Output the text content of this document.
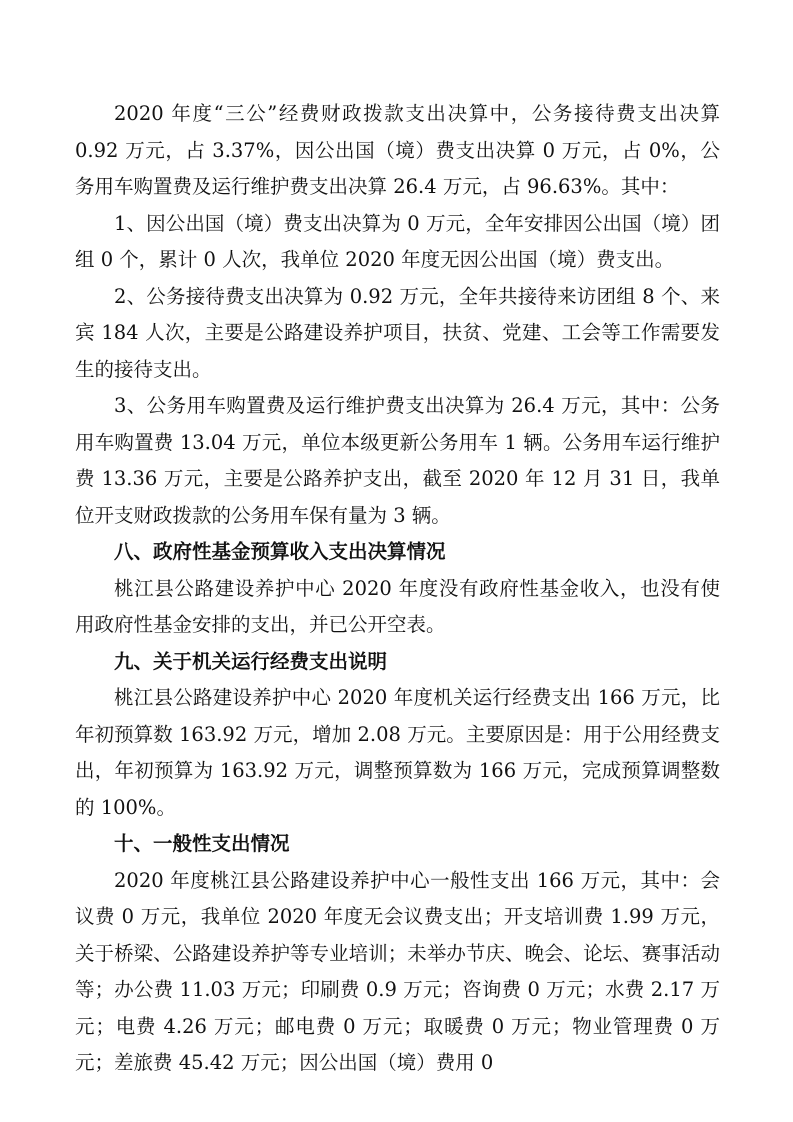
2020 年度“三公”经费财政拨款支出决算中，公务接待费支出决算 0.92 万元，占 3.37%，因公出国（境）费支出决算 0 万元，占 0%，公务用车购置费及运行维护费支出决算 26.4 万元，占 96.63%。其中：

1、因公出国（境）费支出决算为 0 万元，全年安排因公出国（境）团组 0 个，累计 0 人次，我单位 2020 年度无因公出国（境）费支出。

2、公务接待费支出决算为 0.92 万元，全年共接待来访团组 8 个、来宾 184 人次，主要是公路建设养护项目，扶贫、党建、工会等工作需要发生的接待支出。

3、公务用车购置费及运行维护费支出决算为 26.4 万元，其中：公务用车购置费 13.04 万元，单位本级更新公务用车 1 辆。公务用车运行维护费 13.36 万元，主要是公路养护支出，截至 2020 年 12 月 31 日，我单位开支财政拨款的公务用车保有量为 3 辆。

八、政府性基金预算收入支出决算情况

桃江县公路建设养护中心 2020 年度没有政府性基金收入，也没有使用政府性基金安排的支出，并已公开空表。

九、关于机关运行经费支出说明

桃江县公路建设养护中心 2020 年度机关运行经费支出 166 万元，比年初预算数 163.92 万元，增加 2.08 万元。主要原因是：用于公用经费支出，年初预算为 163.92 万元，调整预算数为 166 万元，完成预算调整数的 100%。

十、一般性支出情况

2020 年度桃江县公路建设养护中心一般性支出 166 万元，其中：会议费 0 万元，我单位 2020 年度无会议费支出；开支培训费 1.99 万元，关于桥梁、公路建设养护等专业培训；未举办节庆、晚会、论坛、赛事活动等；办公费 11.03 万元；印刷费 0.9 万元；咨询费 0 万元；水费 2.17 万元；电费 4.26 万元；邮电费 0 万元；取暖费 0 万元；物业管理费 0 万元；差旅费 45.42 万元；因公出国（境）费用 0
